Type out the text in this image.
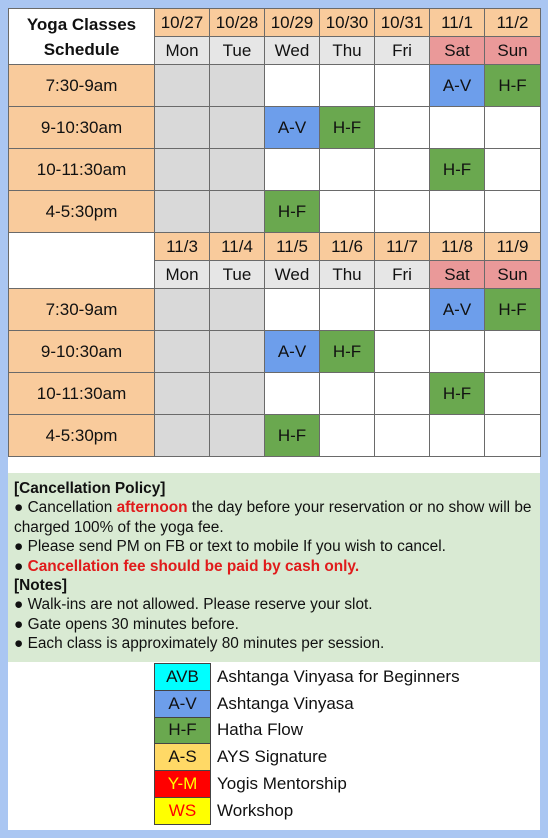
Yoga Classes
Schedule	10/27	10/28	10/29	10/30	10/31	11/1	11/2
	Mon	Tue	Wed	Thu	Fri	Sat	Sun
7:30-9am						A-V	H-F
9-10:30am			A-V	H-F			
10-11:30am						H-F	
4-5:30pm			H-F				
	11/3	11/4	11/5	11/6	11/7	11/8	11/9
	Mon	Tue	Wed	Thu	Fri	Sat	Sun
7:30-9am						A-V	H-F
9-10:30am			A-V	H-F			
10-11:30am						H-F	
4-5:30pm			H-F				
[Cancellation Policy]
● Cancellation afternoon the day before your reservation or no show will be charged 100% of the yoga fee.
● Please send PM on FB or text to mobile If you wish to cancel.
● Cancellation fee should be paid by cash only.
[Notes]
● Walk-ins are not allowed. Please reserve your slot.
● Gate opens 30 minutes before.
● Each class is approximately 80 minutes per session.
AVB	Ashtanga Vinyasa for Beginners
A-V	Ashtanga Vinyasa
H-F	Hatha Flow
A-S	AYS Signature
Y-M	Yogis Mentorship
WS	Workshop
